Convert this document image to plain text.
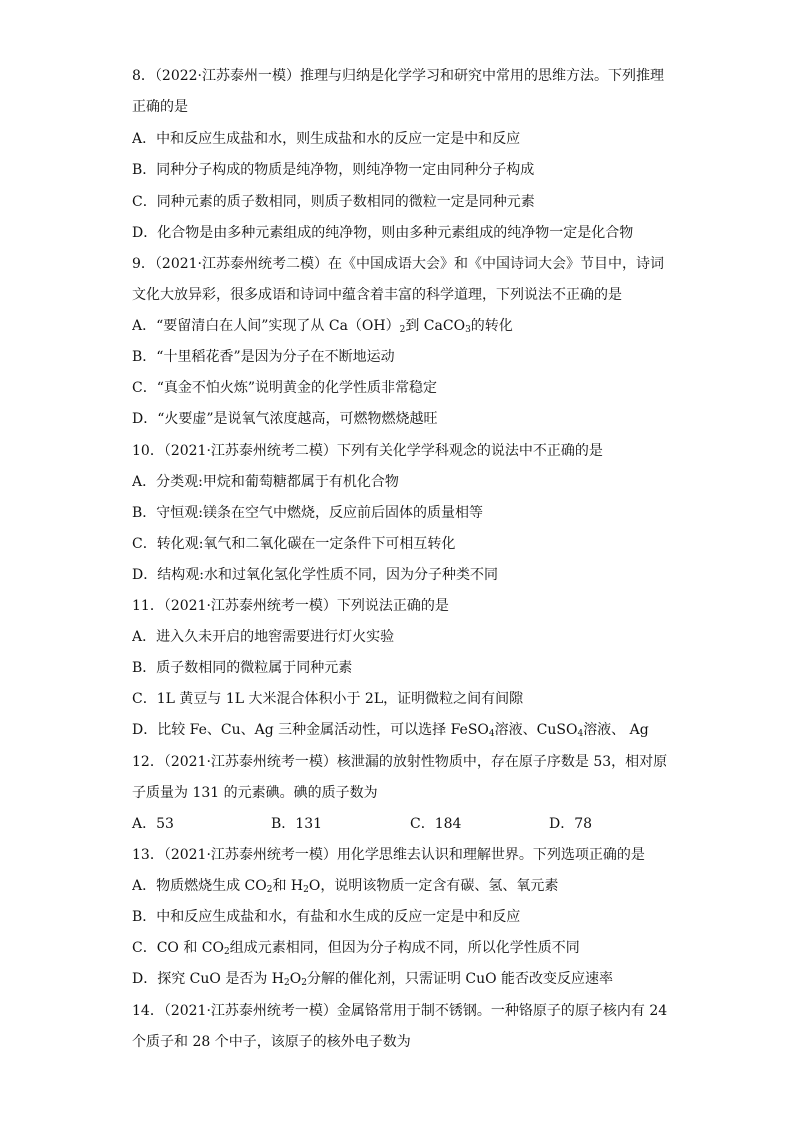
8．（2022·江苏泰州一模）推理与归纳是化学学习和研究中常用的思维方法。下列推理
正确的是
A．中和反应生成盐和水，则生成盐和水的反应一定是中和反应
B．同种分子构成的物质是纯净物，则纯净物一定由同种分子构成
C．同种元素的质子数相同，则质子数相同的微粒一定是同种元素
D．化合物是由多种元素组成的纯净物，则由多种元素组成的纯净物一定是化合物
9．（2021·江苏泰州统考二模）在《中国成语大会》和《中国诗词大会》节目中，诗词
文化大放异彩，很多成语和诗词中蕴含着丰富的科学道理，下列说法不正确的是
A．“要留清白在人间”实现了从 $Ca(OH)_2$到 CaCO$_3$的转化
B．“十里稻花香”是因为分子在不断地运动
C．“真金不怕火炼”说明黄金的化学性质非常稳定
D．“火要虚”是说氧气浓度越高，可燃物燃烧越旺
10．（2021·江苏泰州统考二模）下列有关化学学科观念的说法中不正确的是
A．分类观:甲烷和葡萄糖都属于有机化合物
B．守恒观:镁条在空气中燃烧，反应前后固体的质量相等
C．转化观:氧气和二氧化碳在一定条件下可相互转化
D．结构观:水和过氧化氢化学性质不同，因为分子种类不同
11．（2021·江苏泰州统考一模）下列说法正确的是
A．进入久未开启的地窖需要进行灯火实验
B．质子数相同的微粒属于同种元素
C．1L 黄豆与 1L 大米混合体积小于 2L，证明微粒之间有间隙
D．比较 Fe、Cu、Ag 三种金属活动性，可以选择 FeSO$_4$溶液、CuSO$_4$溶液、 Ag
12．（2021·江苏泰州统考一模）核泄漏的放射性物质中，存在原子序数是 53，相对原
子质量为 131 的元素碘。碘的质子数为
A．53	B．131	C．184	D．78
13．（2021·江苏泰州统考一模）用化学思维去认识和理解世界。下列选项正确的是
A．物质燃烧生成 $CO_2$和 $H_2O$，说明该物质一定含有碳、氢、氧元素
B．中和反应生成盐和水，有盐和水生成的反应一定是中和反应
C．CO 和 $CO_2$组成元素相同，但因为分子构成不同，所以化学性质不同
D．探究 CuO 是否为 $H_2O_2$分解的催化剂，只需证明 CuO 能否改变反应速率
14．（2021·江苏泰州统考一模）金属铬常用于制不锈钢。一种铬原子的原子核内有 24
个质子和 28 个中子，该原子的核外电子数为
